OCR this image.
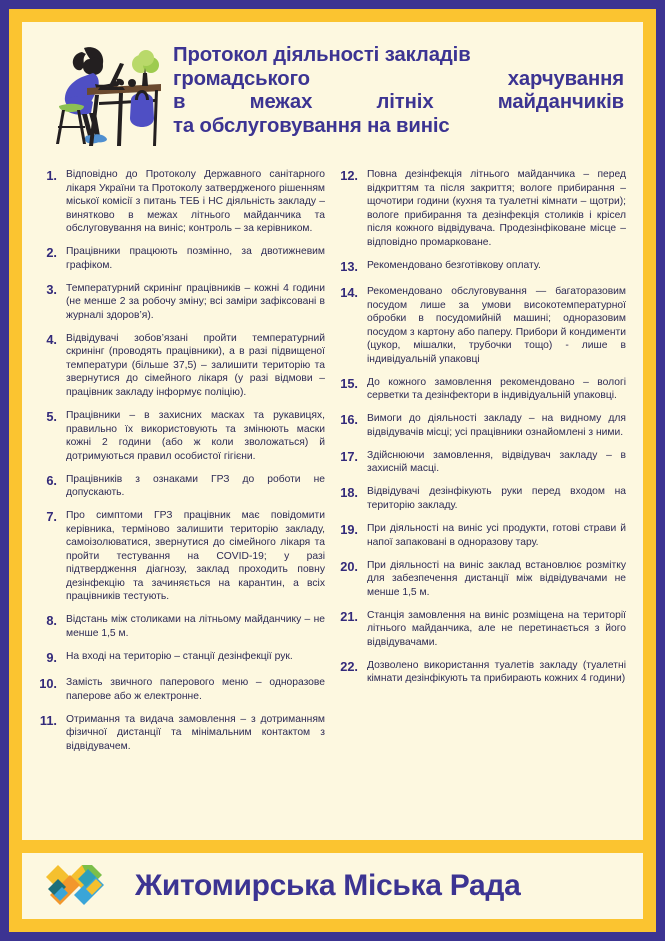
Протокол діяльності закладів
громадського	харчування
в	межах	літніх	майданчиків
та обслуговування на виніс
1. Відповідно до Протоколу Державного санітарного лікаря України та Протоколу затвердженого рішенням міської комісії з питань ТЕБ і НС діяльність закладу – винятково в межах літнього майданчика та обслуговування на виніс; контроль – за керівником.
2. Працівники працюють позмінно, за двотижневим графіком.
3. Температурний скринінг працівників – кожні 4 години (не менше 2 за робочу зміну; всі заміри зафіксовані в журналі здоров’я).
4. Відвідувачі зобов’язані пройти температурний скринінг (проводять працівники), а в разі підвищеної температури (більше 37,5) – залишити територію та звернутися до сімейного лікаря (у разі відмови – працівник закладу інформує поліцію).
5. Працівники – в захисних масках та рукавицях, правильно їх використовують та змінюють маски кожні 2 години (або ж коли зволожаться) й дотримуються правил особистої гігієни.
6. Працівників з ознаками ГРЗ до роботи не допускають.
7. Про симптоми ГРЗ працівник має повідомити керівника, терміново залишити територію закладу, самоізолюватися, звернутися до сімейного лікаря та пройти тестування на COVID-19; у разі підтвердження діагнозу, заклад проходить повну дезінфекцію та зачиняється на карантин, а всіх працівників тестують.
8. Відстань між столиками на літньому майданчику – не менше 1,5 м.
9. На вході на територію – станції дезінфекції рук.
10. Замість звичного паперового меню – одноразове паперове або ж електронне.
11. Отримання та видача замовлення – з дотриманням фізичної дистанції та мінімальним контактом з відвідувачем.
12. Повна дезінфекція літнього майданчика – перед відкриттям та після закриття; вологе прибирання – щочотири години (кухня та туалетні кімнати – щотри); вологе прибирання та дезінфекція столиків і крісел після кожного відвідувача. Продезінфіковане місце – відповідно промарковане.
13. Рекомендовано безготівкову оплату.
14. Рекомендовано обслуговування — багаторазовим посудом лише за умови високотемпературної обробки в посудомийній машині; одноразовим посудом з картону або паперу. Прибори й кондименти (цукор, мішалки, трубочки тощо) - лише в індивідуальній упаковці
15. До кожного замовлення рекомендовано – вологі серветки та дезінфектори в індивідуальній упаковці.
16. Вимоги до діяльності закладу – на видному для відвідувачів місці; усі працівники ознайомлені з ними.
17. Здійснюючи замовлення, відвідувач закладу – в захисній масці.
18. Відвідувачі дезінфікують руки перед входом на територію закладу.
19. При діяльності на виніс усі продукти, готові страви й напої запаковані в одноразову тару.
20. При діяльності на виніс заклад встановлює розмітку для забезпечення дистанції між відвідувачами не менше 1,5 м.
21. Станція замовлення на виніс розміщена на території літнього майданчика, але не перетинається з його відвідувачами.
22. Дозволено використання туалетів закладу (туалетні кімнати дезінфікують та прибирають кожних 4 години)
Житомирська Міська Рада
